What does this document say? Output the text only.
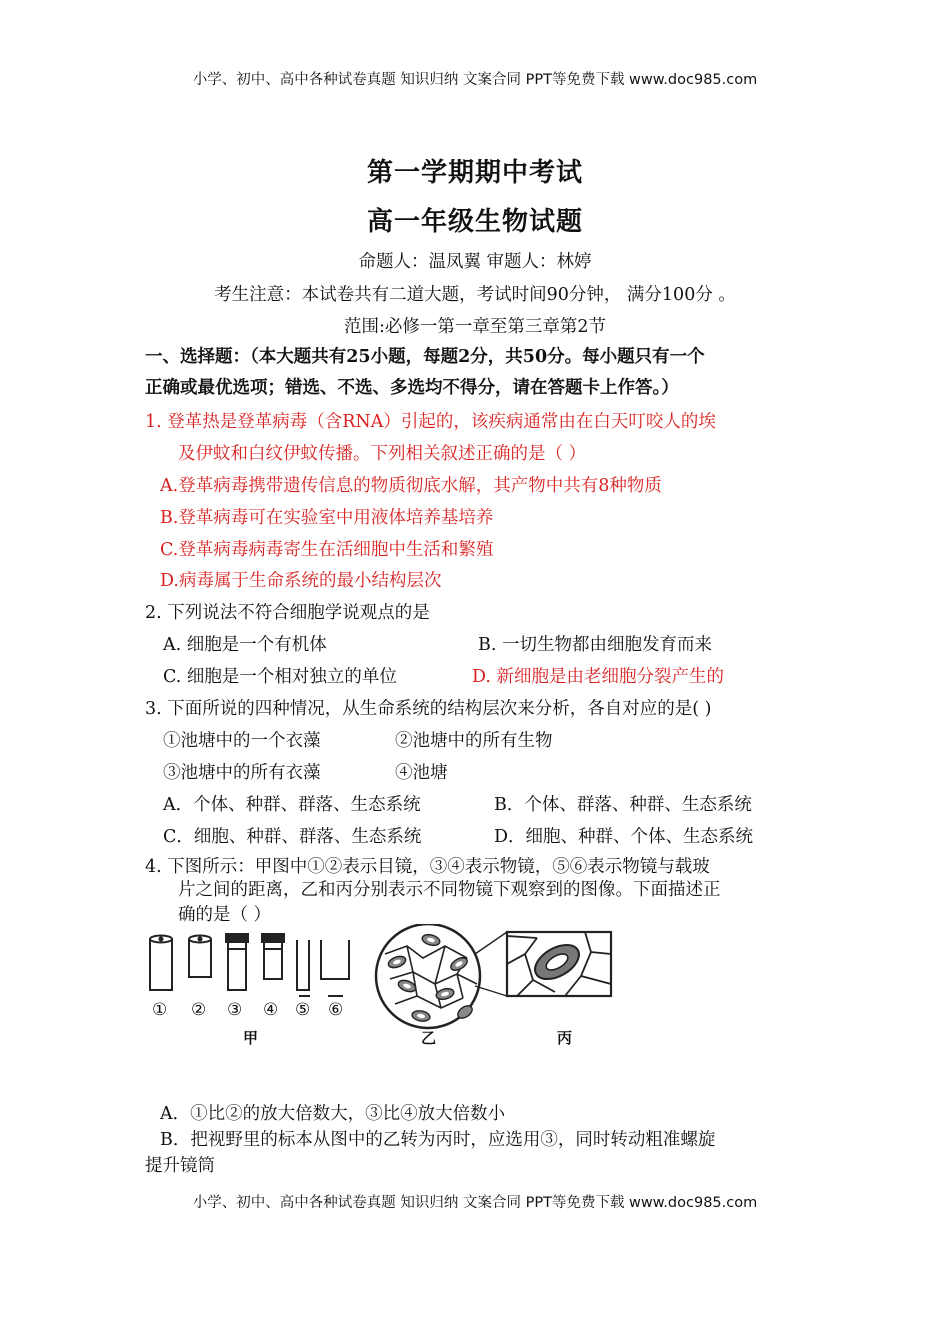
小学、初中、高中各种试卷真题 知识归纳 文案合同 PPT等免费下载 www.doc985.com
第一学期期中考试
高一年级生物试题
命题人：温凤翼 审题人：林婷
考生注意：本试卷共有二道大题，考试时间90分钟， 满分100分 。
范围:必修一第一章至第三章第2节
一、选择题：（本大题共有25小题，每题2分，共50分。每小题只有一个
正确或最优选项；错选、不选、多选均不得分，请在答题卡上作答。）
1. 登革热是登革病毒（含RNA）引起的，该疾病通常由在白天叮咬人的埃
及伊蚊和白纹伊蚊传播。下列相关叙述正确的是（ ）
A.登革病毒携带遗传信息的物质彻底水解，其产物中共有8种物质
B.登革病毒可在实验室中用液体培养基培养
C.登革病毒病毒寄生在活细胞中生活和繁殖
D.病毒属于生命系统的最小结构层次
2. 下列说法不符合细胞学说观点的是
A. 细胞是一个有机体	B. 一切生物都由细胞发育而来
C. 细胞是一个相对独立的单位	D. 新细胞是由老细胞分裂产生的
3. 下面所说的四种情况，从生命系统的结构层次来分析，各自对应的是( )
①池塘中的一个衣藻	②池塘中的所有生物
③池塘中的所有衣藻	④池塘
A．个体、种群、群落、生态系统	B．个体、群落、种群、生态系统
C．细胞、种群、群落、生态系统	D．细胞、种群、个体、生态系统
4. 下图所示：甲图中①②表示目镜，③④表示物镜，⑤⑥表示物镜与载玻
片之间的距离，乙和丙分别表示不同物镜下观察到的图像。下面描述正
确的是（ ）
① ② ③ ④ ⑤ ⑥
甲	乙	丙
A．①比②的放大倍数大，③比④放大倍数小
B．把视野里的标本从图中的乙转为丙时，应选用③，同时转动粗准螺旋
提升镜筒
小学、初中、高中各种试卷真题 知识归纳 文案合同 PPT等免费下载 www.doc985.com
